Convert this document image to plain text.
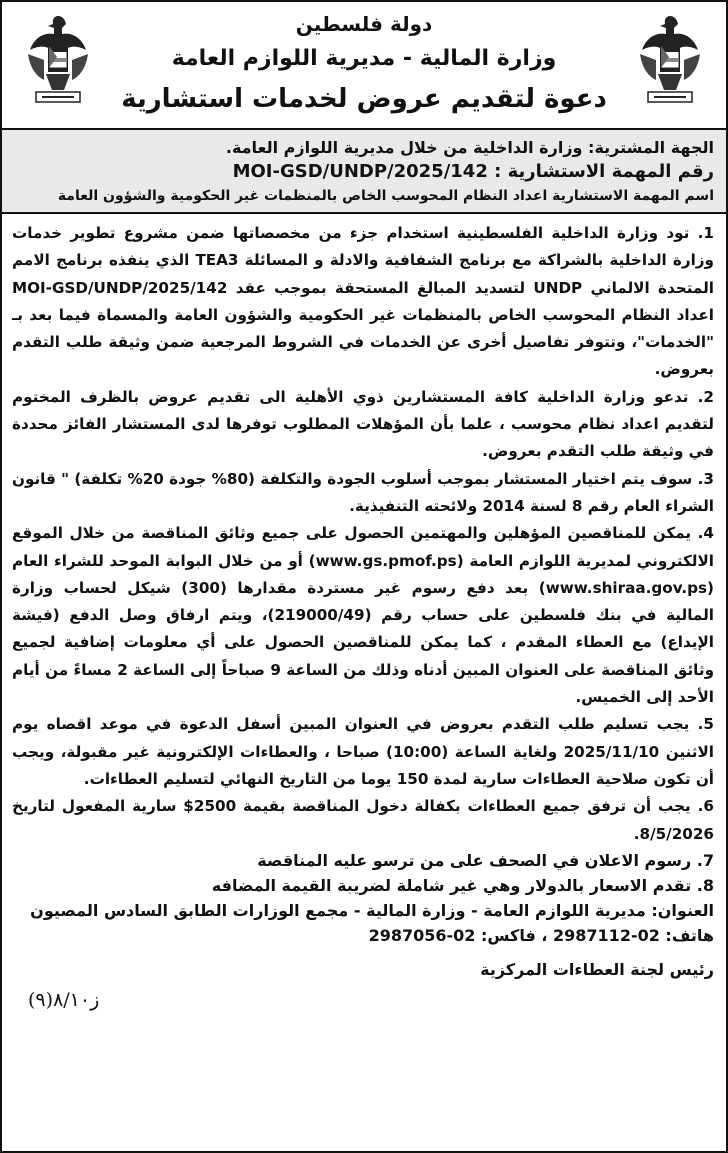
دولة فلسطين
وزارة المالية - مديرية اللوازم العامة
دعوة لتقديم عروض لخدمات استشارية
الجهة المشترية: وزارة الداخلية من خلال مديرية اللوازم العامة.
رقم المهمة الاستشارية : MOI-GSD/UNDP/2025/142
اسم المهمة الاستشارية اعداد النظام المحوسب الخاص بالمنظمات غير الحكومية والشؤون العامة

1. تود وزارة الداخلية الفلسطينية استخدام جزء من مخصصاتها ضمن مشروع تطوير خدمات وزارة الداخلية بالشراكة مع برنامج الشفافية والادلة و المسائلة TEA3 الذي ينفذه برنامج الامم المتحدة الالماني UNDP لتسديد المبالغ المستحقة بموجب عقد MOI-GSD/UNDP/2025/142 اعداد النظام المحوسب الخاص بالمنظمات غير الحكومية والشؤون العامة والمسماة فيما بعد بـ "الخدمات"، وتتوفر تفاصيل أخرى عن الخدمات في الشروط المرجعية ضمن وثيقة طلب التقدم بعروض.

2. تدعو وزارة الداخلية كافة المستشارين ذوي الأهلية الى تقديم عروض بالظرف المختوم لتقديم اعداد نظام محوسب ، علما بأن المؤهلات المطلوب توفرها لدى المستشار الفائز محددة في وثيقة طلب التقدم بعروض.

3. سوف يتم اختيار المستشار بموجب أسلوب الجودة والتكلفة (80% جودة 20% تكلفة) " قانون الشراء العام رقم 8 لسنة 2014 ولائحته التنفيذية.

4. يمكن للمناقصين المؤهلين والمهتمين الحصول على جميع وثائق المناقصة من خلال الموقع الالكتروني لمديرية اللوازم العامة (www.gs.pmof.ps) أو من خلال البوابة الموحد للشراء العام (www.shiraa.gov.ps) بعد دفع رسوم غير مستردة مقدارها (300) شيكل لحساب وزارة المالية في بنك فلسطين على حساب رقم (219000/49)، ويتم ارفاق وصل الدفع (فيشة الإيداع) مع العطاء المقدم ، كما يمكن للمناقصين الحصول على أي معلومات إضافية لجميع وثائق المناقصة على العنوان المبين أدناه وذلك من الساعة 9 صباحاً إلى الساعة 2 مساءً من أيام الأحد إلى الخميس.

5. يجب تسليم طلب التقدم بعروض في العنوان المبين أسفل الدعوة في موعد اقصاه يوم الاثنين 2025/11/10 ولغاية الساعة (10:00) صباحا ، والعطاءات الإلكترونية غير مقبولة، ويجب أن تكون صلاحية العطاءات سارية لمدة 150 يوما من التاريخ النهائي لتسليم العطاءات.

6. يجب أن ترفق جميع العطاءات بكفالة دخول المناقصة بقيمة 2500$ سارية المفعول لتاريخ 8/5/2026.

7. رسوم الاعلان في الصحف على من ترسو عليه المناقصة
8. تقدم الاسعار بالدولار وهي غير شاملة لضريبة القيمة المضافه
العنوان: مديرية اللوازم العامة - وزارة المالية - مجمع الوزارات الطابق السادس المصيون
هاتف: 02-2987112 ، فاكس: 02-2987056
رئيس لجنة العطاءات المركزية
ز٨/١٠(٩)
